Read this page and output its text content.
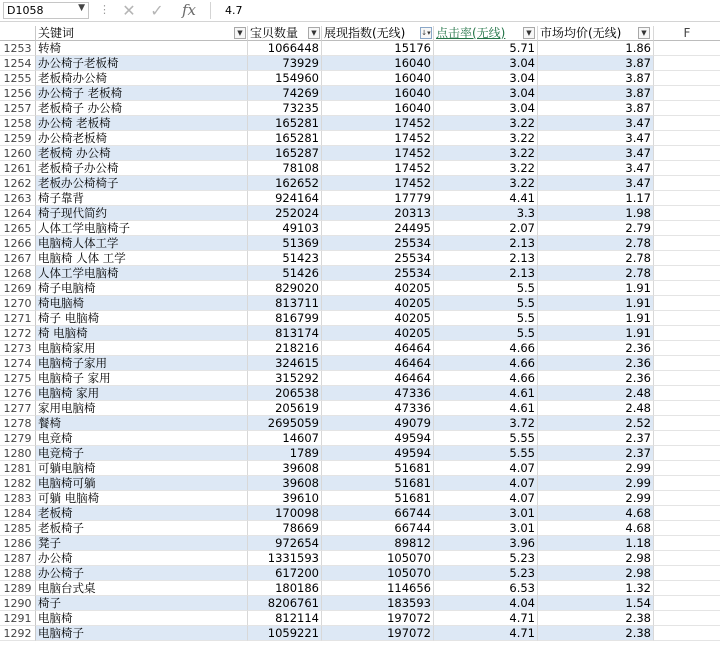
D1058	▼ ⋮ ✕ ✓ fx	4.7
关键词	▼ 宝贝数量	▼ 展现指数(无线) ↓▾ 点击率(无线)	▼ 市场均价(无线)	▼	F
1253 转椅	1066448	15176	5.71	1.86
1254 办公椅子老板椅	73929	16040	3.04	3.87
1255 老板椅办公椅	154960	16040	3.04	3.87
1256 办公椅子 老板椅	74269	16040	3.04	3.87
1257 老板椅子 办公椅	73235	16040	3.04	3.87
1258 办公椅 老板椅	165281	17452	3.22	3.47
1259 办公椅老板椅	165281	17452	3.22	3.47
1260 老板椅 办公椅	165287	17452	3.22	3.47
1261 老板椅子办公椅	78108	17452	3.22	3.47
1262 老板办公椅椅子	162652	17452	3.22	3.47
1263 椅子靠背	924164	17779	4.41	1.17
1264 椅子现代简约	252024	20313	3.3	1.98
1265 人体工学电脑椅子	49103	24495	2.07	2.79
1266 电脑椅人体工学	51369	25534	2.13	2.78
1267 电脑椅 人体 工学	51423	25534	2.13	2.78
1268 人体工学电脑椅	51426	25534	2.13	2.78
1269 椅子电脑椅	829020	40205	5.5	1.91
1270 椅电脑椅	813711	40205	5.5	1.91
1271 椅子 电脑椅	816799	40205	5.5	1.91
1272 椅 电脑椅	813174	40205	5.5	1.91
1273 电脑椅家用	218216	46464	4.66	2.36
1274 电脑椅子家用	324615	46464	4.66	2.36
1275 电脑椅子 家用	315292	46464	4.66	2.36
1276 电脑椅 家用	206538	47336	4.61	2.48
1277 家用电脑椅	205619	47336	4.61	2.48
1278 餐椅	2695059	49079	3.72	2.52
1279 电竞椅	14607	49594	5.55	2.37
1280 电竞椅子	1789	49594	5.55	2.37
1281 可躺电脑椅	39608	51681	4.07	2.99
1282 电脑椅可躺	39608	51681	4.07	2.99
1283 可躺 电脑椅	39610	51681	4.07	2.99
1284 老板椅	170098	66744	3.01	4.68
1285 老板椅子	78669	66744	3.01	4.68
1286 凳子	972654	89812	3.96	1.18
1287 办公椅	1331593	105070	5.23	2.98
1288 办公椅子	617200	105070	5.23	2.98
1289 电脑台式桌	180186	114656	6.53	1.32
1290 椅子	8206761	183593	4.04	1.54
1291 电脑椅	812114	197072	4.71	2.38
1292 电脑椅子	1059221	197072	4.71	2.38
